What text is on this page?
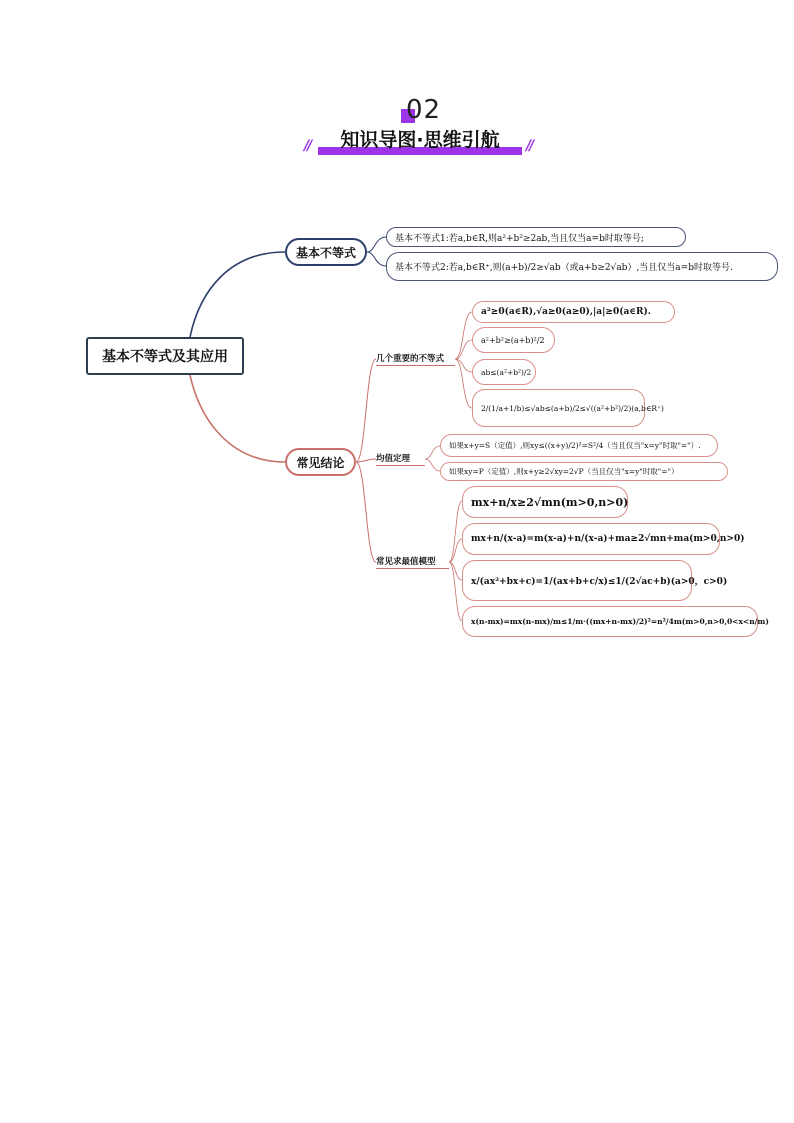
02
知识导图·思维引航
//	//
基本不等式及其应用
基本不等式
基本不等式1:若a,b∈R,则a²+b²≥2ab,当且仅当a=b时取等号;
基本不等式2:若a,b∈R⁺,则(a+b)/2≥√ab（或a+b≥2√ab）,当且仅当a=b时取等号.
常见结论
几个重要的不等式
a²≥0(a∈R),√a≥0(a≥0),|a|≥0(a∈R).
a²+b²≥(a+b)²/2
ab≤(a²+b²)/2
2/(1/a+1/b)≤√ab≤(a+b)/2≤√((a²+b²)/2)(a,b∈R⁺)
均值定理
如果x+y=S（定值）,则xy≤((x+y)/2)²=S²/4（当且仅当"x=y"时取"="）.
如果xy=P（定值）,则x+y≥2√xy=2√P（当且仅当"x=y"时取"="）
常见求最值模型
mx+n/x≥2√mn(m>0,n>0)
mx+n/(x-a)=m(x-a)+n/(x-a)+ma≥2√mn+ma(m>0,n>0)
x/(ax²+bx+c)=1/(ax+b+c/x)≤1/(2√ac+b)(a>0，c>0)
x(n-mx)=mx(n-mx)/m≤1/m·((mx+n-mx)/2)²=n²/4m(m>0,n>0,0<x<n/m)
